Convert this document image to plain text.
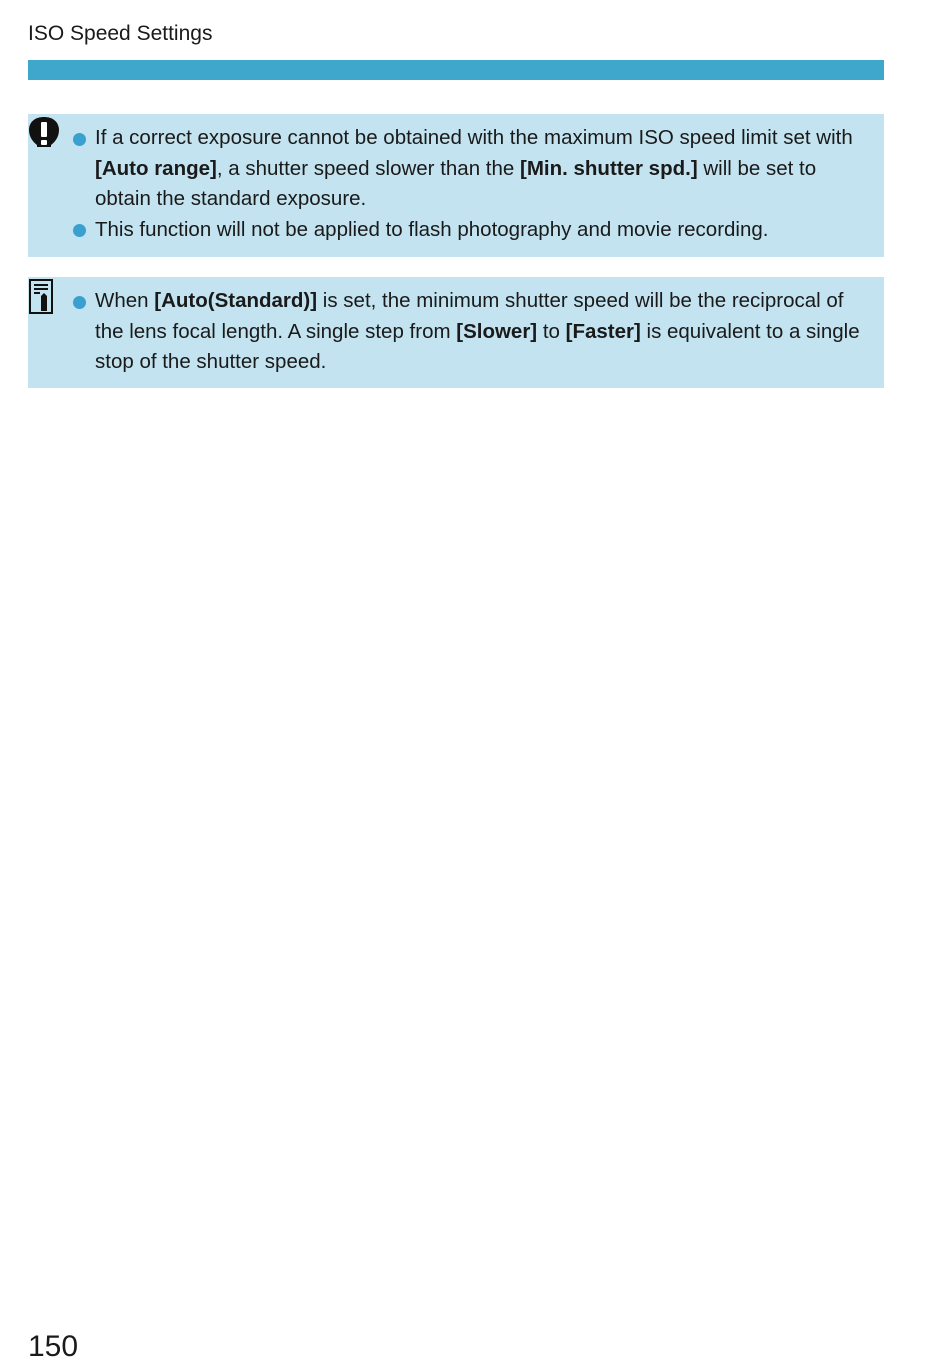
ISO Speed Settings
If a correct exposure cannot be obtained with the maximum ISO speed limit set with [Auto range], a shutter speed slower than the [Min. shutter spd.] will be set to obtain the standard exposure.
This function will not be applied to flash photography and movie recording.
When [Auto(Standard)] is set, the minimum shutter speed will be the reciprocal of the lens focal length. A single step from [Slower] to [Faster] is equivalent to a single stop of the shutter speed.
150
